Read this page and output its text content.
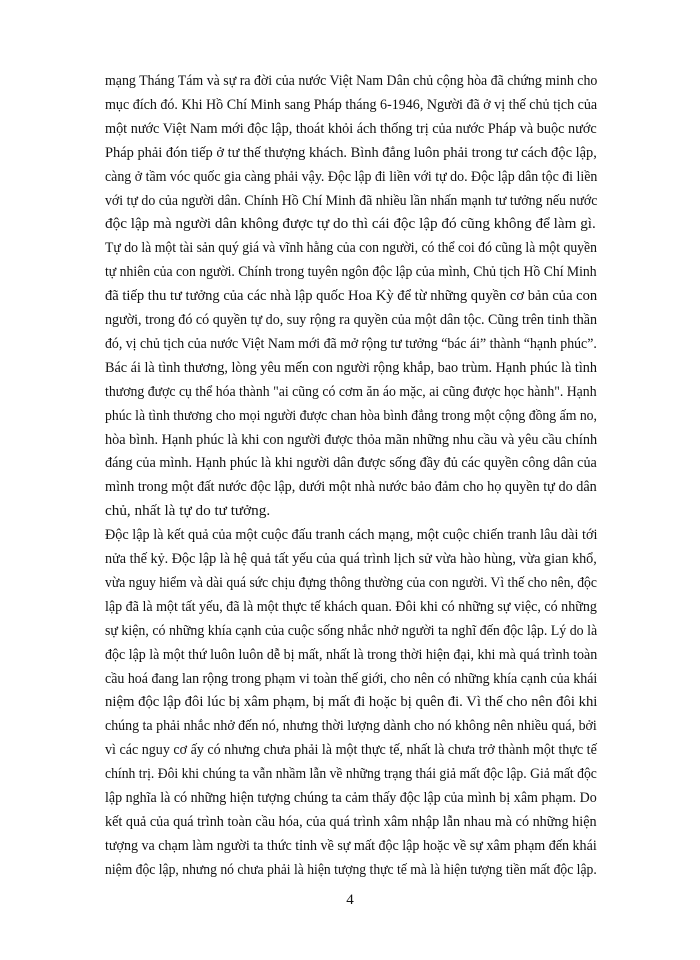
mạng Tháng Tám và sự ra đời của nước Việt Nam Dân chủ cộng hòa đã chứng minh cho

mục đích đó. Khi Hồ Chí Minh sang Pháp tháng 6-1946, Người đã ở vị thế chủ tịch của

một nước Việt Nam mới độc lập, thoát khỏi ách thống trị của nước Pháp và buộc nước

Pháp phải đón tiếp ở tư thế thượng khách. Bình đẳng luôn phải trong tư cách độc lập,

càng ở tầm vóc quốc gia càng phải vậy. Độc lập đi liền với tự do. Độc lập dân tộc đi liền

với tự do của người dân. Chính Hồ Chí Minh đã nhiều lần nhấn mạnh tư tưởng nếu nước

độc lập mà người dân không được tự do thì cái độc lập đó cũng không để làm gì.

Tự do là một tài sản quý giá và vĩnh hằng của con người, có thể coi đó cũng là một quyền

tự nhiên của con người. Chính trong tuyên ngôn độc lập của mình, Chủ tịch Hồ Chí Minh

đã tiếp thu tư tưởng của các nhà lập quốc Hoa Kỳ để từ những quyền cơ bản của con

người, trong đó có quyền tự do, suy rộng ra quyền của một dân tộc. Cũng trên tinh thần

đó, vị chủ tịch của nước Việt Nam mới đã mở rộng tư tưởng “bác ái” thành “hạnh phúc”.

Bác ái là tình thương, lòng yêu mến con người rộng khắp, bao trùm. Hạnh phúc là tình

thương được cụ thể hóa thành "ai cũng có cơm ăn áo mặc, ai cũng được học hành". Hạnh

phúc là tình thương cho mọi người được chan hòa bình đẳng trong một cộng đồng ấm no,

hòa bình. Hạnh phúc là khi con người được thỏa mãn những nhu cầu và yêu cầu chính

đáng của mình. Hạnh phúc là khi người dân được sống đầy đủ các quyền công dân của

mình trong một đất nước độc lập, dưới một nhà nước bảo đảm cho họ quyền tự do dân

chủ, nhất là tự do tư tưởng.

Độc lập là kết quả của một cuộc đấu tranh cách mạng, một cuộc chiến tranh lâu dài tới

nửa thế kỷ. Độc lập là hệ quả tất yếu của quá trình lịch sử vừa hào hùng, vừa gian khổ,

vừa nguy hiểm và dài quá sức chịu đựng thông thường của con người. Vì thế cho nên, độc

lập đã là một tất yếu, đã là một thực tế khách quan. Đôi khi có những sự việc, có những

sự kiện, có những khía cạnh của cuộc sống nhắc nhở người ta nghĩ đến độc lập. Lý do là

độc lập là một thứ luôn luôn dễ bị mất, nhất là trong thời hiện đại, khi mà quá trình toàn

cầu hoá đang lan rộng trong phạm vi toàn thế giới, cho nên có những khía cạnh của khái

niệm độc lập đôi lúc bị xâm phạm, bị mất đi hoặc bị quên đi. Vì thế cho nên đôi khi

chúng ta phải nhắc nhở đến nó, nhưng thời lượng dành cho nó không nên nhiều quá, bởi

vì các nguy cơ ấy có nhưng chưa phải là một thực tế, nhất là chưa trở thành một thực tế

chính trị. Đôi khi chúng ta vẫn nhầm lẫn về những trạng thái giả mất độc lập. Giả mất độc

lập nghĩa là có những hiện tượng chúng ta cảm thấy độc lập của mình bị xâm phạm. Do

kết quả của quá trình toàn cầu hóa, của quá trình xâm nhập lẫn nhau mà có những hiện

tượng va chạm làm người ta thức tỉnh về sự mất độc lập hoặc về sự xâm phạm đến khái

niệm độc lập, nhưng nó chưa phải là hiện tượng thực tế mà là hiện tượng tiền mất độc lập.

4
